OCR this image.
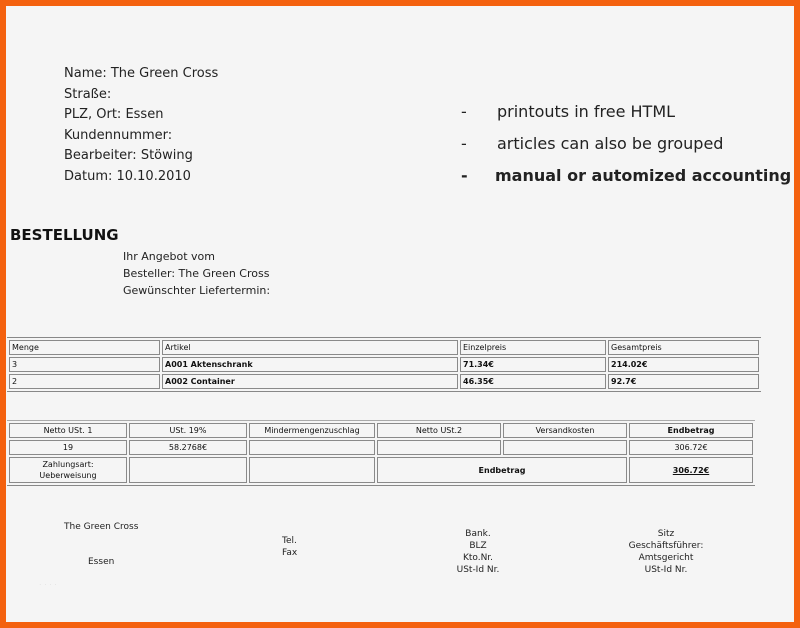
Name: The Green Cross
Straße:
PLZ, Ort: Essen
Kundennummer:
Bearbeiter: Stöwing
Datum: 10.10.2010
- printouts in free HTML
- articles can also be grouped
- manual or automized accounting
BESTELLUNG
Ihr Angebot vom
Besteller: The Green Cross
Gewünschter Liefertermin:
Menge	Artikel	Einzelpreis	Gesamtpreis
3	A001 Aktenschrank	71.34€	214.02€
2	A002 Container	46.35€	92.7€
Netto USt. 1	USt. 19%	Mindermengenzuschlag	Netto USt.2	Versandkosten	Endbetrag
19	58.2768€				306.72€

Zahlungsart:
Ueberweisung			Endbetrag		306.72€
The Green Cross
Essen
Tel.
Fax
Bank.
BLZ
Kto.Nr.
USt-Id Nr.
Sitz
Geschäftsführer:
Amtsgericht
USt-Id Nr.
. . . .
